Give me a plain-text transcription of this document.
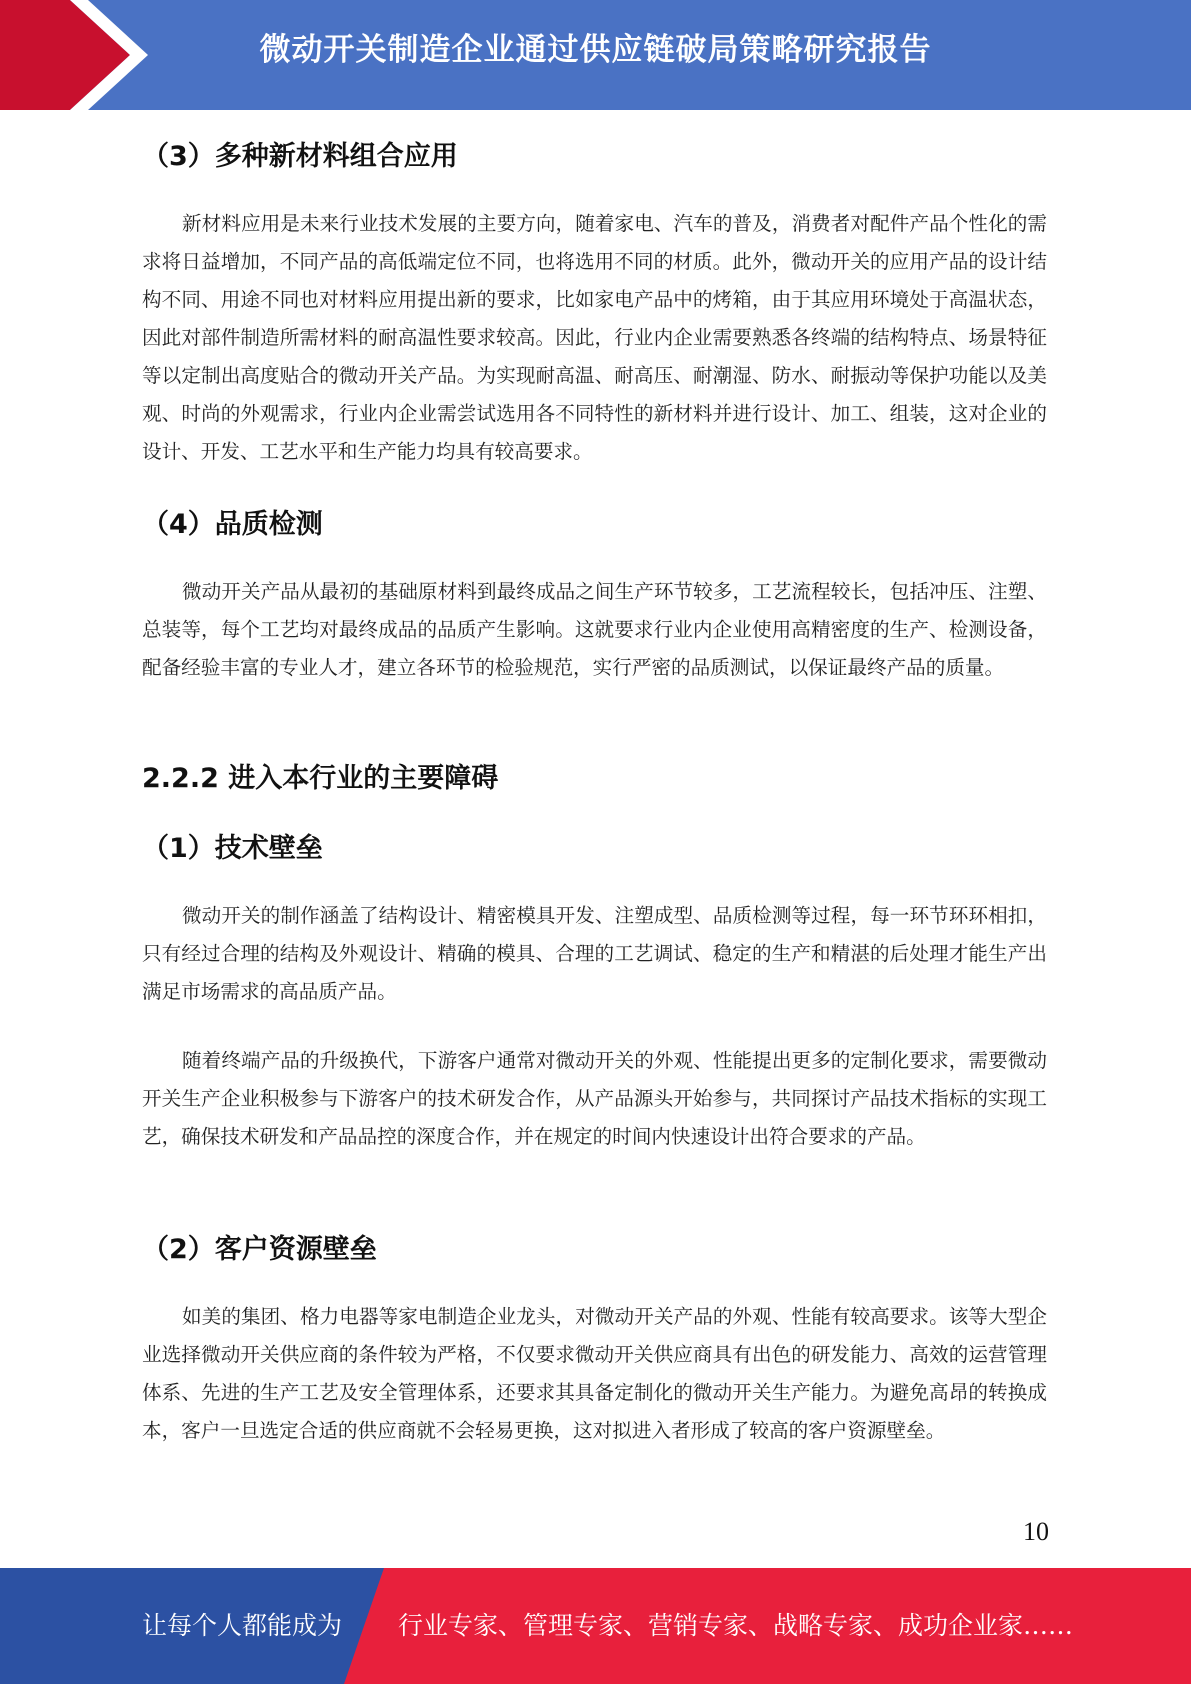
微动开关制造企业通过供应链破局策略研究报告
（3）多种新材料组合应用

新材料应用是未来行业技术发展的主要方向，随着家电、汽车的普及，消费者对配件产品个性化的需求将日益增加，不同产品的高低端定位不同，也将选用不同的材质。此外，微动开关的应用产品的设计结构不同、用途不同也对材料应用提出新的要求，比如家电产品中的烤箱，由于其应用环境处于高温状态，因此对部件制造所需材料的耐高温性要求较高。因此，行业内企业需要熟悉各终端的结构特点、场景特征等以定制出高度贴合的微动开关产品。为实现耐高温、耐高压、耐潮湿、防水、耐振动等保护功能以及美观、时尚的外观需求，行业内企业需尝试选用各不同特性的新材料并进行设计、加工、组装，这对企业的设计、开发、工艺水平和生产能力均具有较高要求。

（4）品质检测

微动开关产品从最初的基础原材料到最终成品之间生产环节较多，工艺流程较长，包括冲压、注塑、总装等，每个工艺均对最终成品的品质产生影响。这就要求行业内企业使用高精密度的生产、检测设备，配备经验丰富的专业人才，建立各环节的检验规范，实行严密的品质测试，以保证最终产品的质量。

2.2.2 进入本行业的主要障碍
（1）技术壁垒

微动开关的制作涵盖了结构设计、精密模具开发、注塑成型、品质检测等过程，每一环节环环相扣，只有经过合理的结构及外观设计、精确的模具、合理的工艺调试、稳定的生产和精湛的后处理才能生产出满足市场需求的高品质产品。

随着终端产品的升级换代，下游客户通常对微动开关的外观、性能提出更多的定制化要求，需要微动开关生产企业积极参与下游客户的技术研发合作，从产品源头开始参与，共同探讨产品技术指标的实现工艺，确保技术研发和产品品控的深度合作，并在规定的时间内快速设计出符合要求的产品。

（2）客户资源壁垒

如美的集团、格力电器等家电制造企业龙头，对微动开关产品的外观、性能有较高要求。该等大型企业选择微动开关供应商的条件较为严格，不仅要求微动开关供应商具有出色的研发能力、高效的运营管理体系、先进的生产工艺及安全管理体系，还要求其具备定制化的微动开关生产能力。为避免高昂的转换成本，客户一旦选定合适的供应商就不会轻易更换，这对拟进入者形成了较高的客户资源壁垒。

10
让每个人都能成为 行业专家、管理专家、营销专家、战略专家、成功企业家……
